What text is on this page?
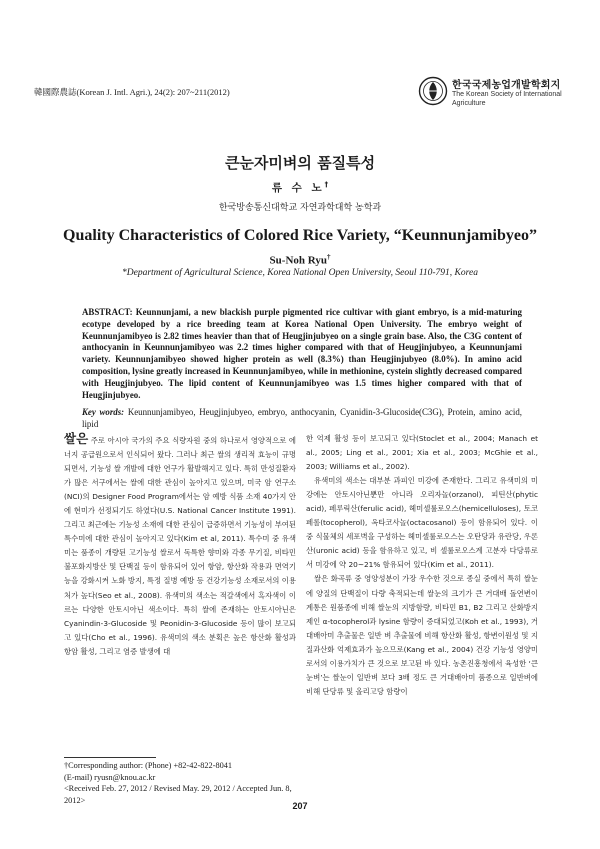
韓國際農誌(Korean J. Intl. Agri.), 24(2): 207~211(2012)
한국국제농업개발학회지
The Korean Society of International Agriculture
큰눈자미벼의 품질특성
류 수 노†
한국방송통신대학교 자연과학대학 농학과
Quality Characteristics of Colored Rice Variety, “Keunnunjamibyeo”
Su-Noh Ryu†
*Department of Agricultural Science, Korea National Open University, Seoul 110-791, Korea
ABSTRACT: Keunnunjami, a new blackish purple pigmented rice cultivar with giant embryo, is a mid-maturing ecotype developed by a rice breeding team at Korea National Open University. The embryo weight of Keunnunjamibyeo is 2.82 times heavier than that of Heugjinjubyeo on a single grain base. Also, the C3G content of anthocyanin in Keunnunjamibyeo was 2.2 times higher compared with that of Heugjinjubyeo, a Keunnunjami variety. Keunnunjamibyeo showed higher protein as well (8.3%) than Heugjinjubyeo (8.0%). In amino acid composition, lysine greatly increased in Keunnunjamibyeo, while in methionine, cystein slightly decreased compared with Heugjinjubyeo. The lipid content of Keunnunjamibyeo was 1.5 times higher compared with that of Heugjinjubyeo.
Key words: Keunnunjamibyeo, Heugjinjubyeo, embryo, anthocyanin, Cyanidin-3-Glucoside(C3G), Protein, amino acid, lipid

쌀은 주로 아시아 국가의 주요 식량자원 중의 하나로서 영양적으로 에너지 공급원으로서 인식되어 왔다. 그러나 최근 쌀의 생리적 효능이 규명되면서, 기능성 쌀 개발에 대한 연구가 활발해지고 있다. 특히 만성질환자가 많은 서구에서는 쌀에 대한 관심이 높아지고 있으며, 미국 암 연구소(NCI)의 Designer Food Program에서는 암 예방 식품 소재 40가지 안에 현미가 선정되기도 하였다(U.S. National Cancer Institute 1991). 그리고 최근에는 기능성 소재에 대한 관심이 급증하면서 기능성이 부여된 특수미에 대한 관심이 높아지고 있다(Kim et al, 2011). 특수미 중 유색미는 품종이 개량된 고기능성 쌀로서 독특한 향미와 각종 무기질, 비타민 불포화지방산 및 단백질 등이 함유되어 있어 항암, 항산화 작용과 면역기능을 강화시켜 노화 방지, 특정 질병 예방 등 건강기능성 소재로서의 이용처가 높다(Seo et al., 2008). 유색미의 색소는 적갈색에서 흑자색이 이르는 다양한 안토시아닌 색소이다. 특히 쌀에 존재하는 안토시아닌은 Cyanindin-3-Glucoside 및 Peonidin-3-Glucoside 등이 많이 보고되고 있다(Cho et al., 1996). 유색미의 색소 분획은 높은 항산화 활성과 항암 활성, 그리고 염증 발생에 대

한 억제 활성 등이 보고되고 있다(Stoclet et al., 2004; Manach et al., 2005; Ling et al., 2001; Xia et al., 2003; McGhie et al., 2003; Williams et al., 2002).

유색미의 색소는 대부분 과피인 미강에 존재한다. 그리고 유색미의 미강에는 안토시아닌뿐만 아니라 오리자놀(orzanol), 피틴산(phytic acid), 페루릭산(ferulic acid), 헤미셀룰로오스(hemicelluloses), 토코페롤(tocopherol), 옥타코사놀(octacosanol) 등이 함유되어 있다. 이 중 식물체의 세포벽을 구성하는 헤미셀룰로오스는 오탄당과 유란당, 우론산(uronic acid) 등을 함유하고 있고, 비 셀룰로오스계 고분자 다당류로서 미강에 약 20~21% 함유되어 있다(Kim et al., 2011).

쌀은 화곡류 중 영양성분이 가장 우수한 것으로 종실 중에서 특히 쌀눈에 양질의 단백질이 다량 축적되는데 쌀눈의 크기가 큰 거대배 돌연변이 계통은 원품종에 비해 쌀눈의 지방함량, 비타민 B1, B2 그리고 산화방지제인 α-tocopherol과 lysine 함량이 증대되었고(Koh et al., 1993), 거대배아미 추출물은 일반 벼 추출물에 비해 항산화 활성, 항변이원성 및 지질과산화 억제효과가 높으므로(Kang et al., 2004) 건강 기능성 영양미로서의 이용가치가 큰 것으로 보고된 바 있다. 농촌진흥청에서 육성한 ‘큰눈벼’는 쌀눈이 일반벼 보다 3배 정도 큰 거대배아미 품종으로 일반벼에 비해 단당류 및 올리고당 함량이

†Corresponding author: (Phone) +82-42-822-8041
(E-mail) ryusn@knou.ac.kr
<Received Feb. 27, 2012 / Revised May. 29, 2012 / Accepted Jun. 8, 2012>
207
